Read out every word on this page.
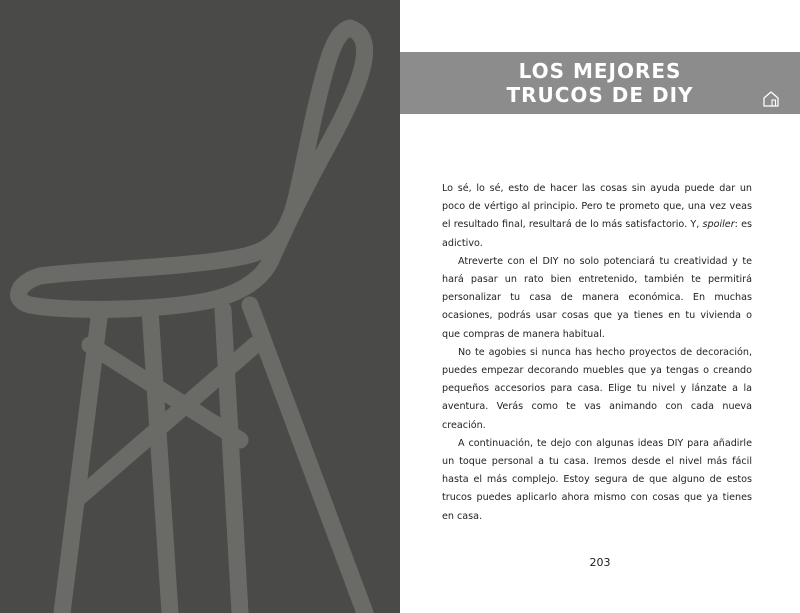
LOS MEJORES
TRUCOS DE DIY

Lo sé, lo sé, esto de hacer las cosas sin ayuda puede dar un poco de vértigo al principio. Pero te prometo que, una vez veas el resultado final, resultará de lo más satisfactorio. Y, spoiler: es adictivo.

Atreverte con el DIY no solo potenciará tu creatividad y te hará pasar un rato bien entretenido, también te permitirá personalizar tu casa de manera económica. En muchas ocasiones, podrás usar cosas que ya tienes en tu vivienda o que compras de manera habitual.

No te agobies si nunca has hecho proyectos de decoración, puedes empezar decorando muebles que ya tengas o creando pequeños accesorios para casa. Elige tu nivel y lánzate a la aventura. Verás como te vas animando con cada nueva creación.

A continuación, te dejo con algunas ideas DIY para añadirle un toque personal a tu casa. Iremos desde el nivel más fácil hasta el más complejo. Estoy segura de que alguno de estos trucos puedes aplicarlo ahora mismo con cosas que ya tienes en casa.

203
